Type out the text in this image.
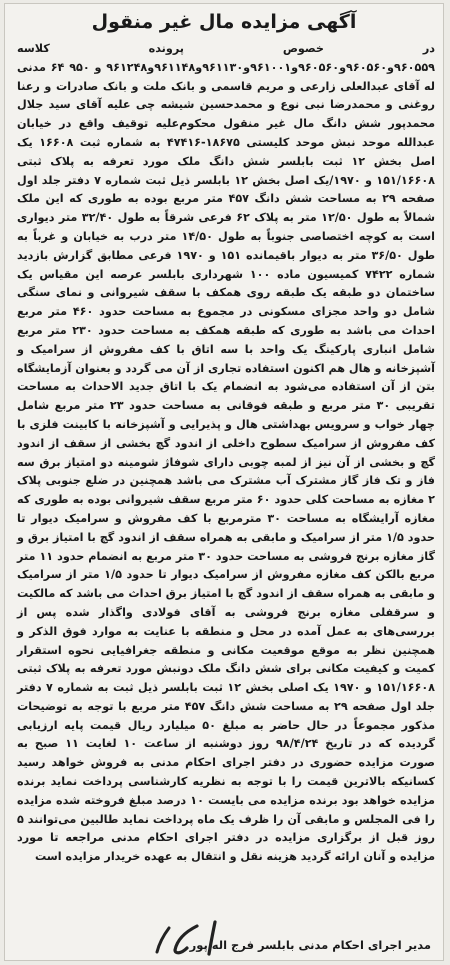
آگهی مزایده مال غیر منقول
در خصوص پرونده کلاسه ۹۶۰۵۵۹و۹۶۰۵۶۰و۹۶۰۵۶۰و۹۶۱۰۰۱و۹۶۱۱۳۰و۹۶۱۱۴۸و۹۶۱۲۴۸ و ۹۵۰ ۶۴ مدنی له آقای عبدالعلی زارعی و مریم قاسمی و بانک ملت و بانک صادرات و رعنا روغنی و محمدرضا نبی نوع و محمدحسین شیشه چی علیه آقای سید جلال محمدپور شش دانگ مال غیر منقول محکوم‌علیه توقیف واقع در خیابان عبدالله موحد نبش موحد کلیستی ۱۸۶۷۵-۴۷۴۱۶ به شماره ثبت ۱۶۶۰۸ یک اصل بخش ۱۲ ثبت بابلسر شش دانگ ملک مورد تعرفه به پلاک ثبتی ۱۵۱/۱۶۶۰۸ و ۱۹۷۰/یک اصل بخش ۱۲ بابلسر ذیل ثبت شماره ۷ دفتر جلد اول صفحه ۲۹ به مساحت شش دانگ ۴۵۷ متر مربع بوده به طوری که این ملک شمالاً به طول ۱۲/۵۰ متر به پلاک ۶۲ فرعی شرقاً به طول ۳۲/۴۰ متر دیواری است به کوچه اختصاصی جنوباً به طول ۱۴/۵۰ متر درب به خیابان و غرباً به طول ۳۶/۵۰ متر به دیوار باقیمانده ۱۵۱ و ۱۹۷۰ فرعی مطابق گزارش بازدید شماره ۷۴۲۲ کمیسیون ماده ۱۰۰ شهرداری بابلسر عرصه این مقیاس یک ساختمان دو طبقه یک طبقه روی همکف با سقف شیروانی و نمای سنگی شامل دو واحد مجزای مسکونی در مجموع به مساحت حدود ۴۶۰ متر مربع احداث می باشد به طوری که طبقه همکف به مساحت حدود ۲۳۰ متر مربع شامل انباری پارکینگ یک واحد با سه اتاق با کف مفروش از سرامیک و آشپزخانه و هال هم اکنون استفاده تجاری از آن می گردد و بعنوان آزمایشگاه بتن از آن استفاده می‌شود به انضمام یک با اتاق جدید الاحداث به مساحت تقریبی ۳۰ متر مربع و طبقه فوقانی به مساحت حدود ۲۳ متر مربع شامل چهار خواب و سرویس بهداشتی هال و پذیرایی و آشپزخانه با کابینت فلزی با کف مفروش از سرامیک سطوح داخلی از اندود گچ بخشی از سقف از اندود گچ و بخشی از آن نیز از لمبه چوبی دارای شوفاژ شومینه دو امتیاز برق سه فاز و تک فاز گاز مشترک آب مشترک می باشد همچنین در ضلع جنوبی پلاک ۲ مغازه به مساحت کلی حدود ۶۰ متر مربع سقف شیروانی بوده به طوری که مغازه آرایشگاه به مساحت ۳۰ مترمربع با کف مفروش و سرامیک دیوار تا حدود ۱/۵ متر از سرامیک و مابقی به همراه سقف از اندود گچ با امتیاز برق و گاز مغازه برنج فروشی به مساحت حدود ۳۰ متر مربع به انضمام حدود ۱۱ متر مربع بالکن کف مغازه مفروش از سرامیک دیوار تا حدود ۱/۵ متر از سرامیک و مابقی به همراه سقف از اندود گچ با امتیاز برق احداث می باشد که مالکیت و سرقفلی مغازه برنج فروشی به آقای فولادی واگذار شده پس از بررسی‌های به عمل آمده در محل و منطقه با عنایت به موارد فوق الذکر و همچنین نظر به موقع موقعیت مکانی و منطقه جغرافیایی نحوه استقرار کمیت و کیفیت مکانی برای شش دانگ ملک دونبش مورد تعرفه به پلاک ثبتی ۱۵۱/۱۶۶۰۸ و ۱۹۷۰ یک اصلی بخش ۱۲ ثبت بابلسر ذیل ثبت به شماره ۷ دفتر جلد اول صفحه ۲۹ به مساحت شش دانگ ۴۵۷ متر مربع با توجه به توضیحات مذکور مجموعاً در حال حاضر به مبلغ ۵۰ میلیارد ریال قیمت پایه ارزیابی گردیده که در تاریخ ۹۸/۴/۲۴ روز دوشنبه از ساعت ۱۰ لغایت ۱۱ صبح به صورت مزایده حضوری در دفتر اجرای احکام مدنی به فروش خواهد رسید کسانیکه بالاترین قیمت را با توجه به نظریه کارشناسی پرداخت نماید برنده مزایده خواهد بود برنده مزایده می بایست ۱۰ درصد مبلغ فروخته شده مزایده را فی المجلس و مابقی آن را ظرف یک ماه پرداخت نماید طالبین می‌توانند ۵ روز قبل از برگزاری مزایده در دفتر اجرای احکام مدنی مراجعه تا مورد مزایده و آنان ارائه گردید هزینه نقل و انتقال به عهده خریدار مزایده است
مدیر اجرای احکام مدنی بابلسر فرج اله پور
